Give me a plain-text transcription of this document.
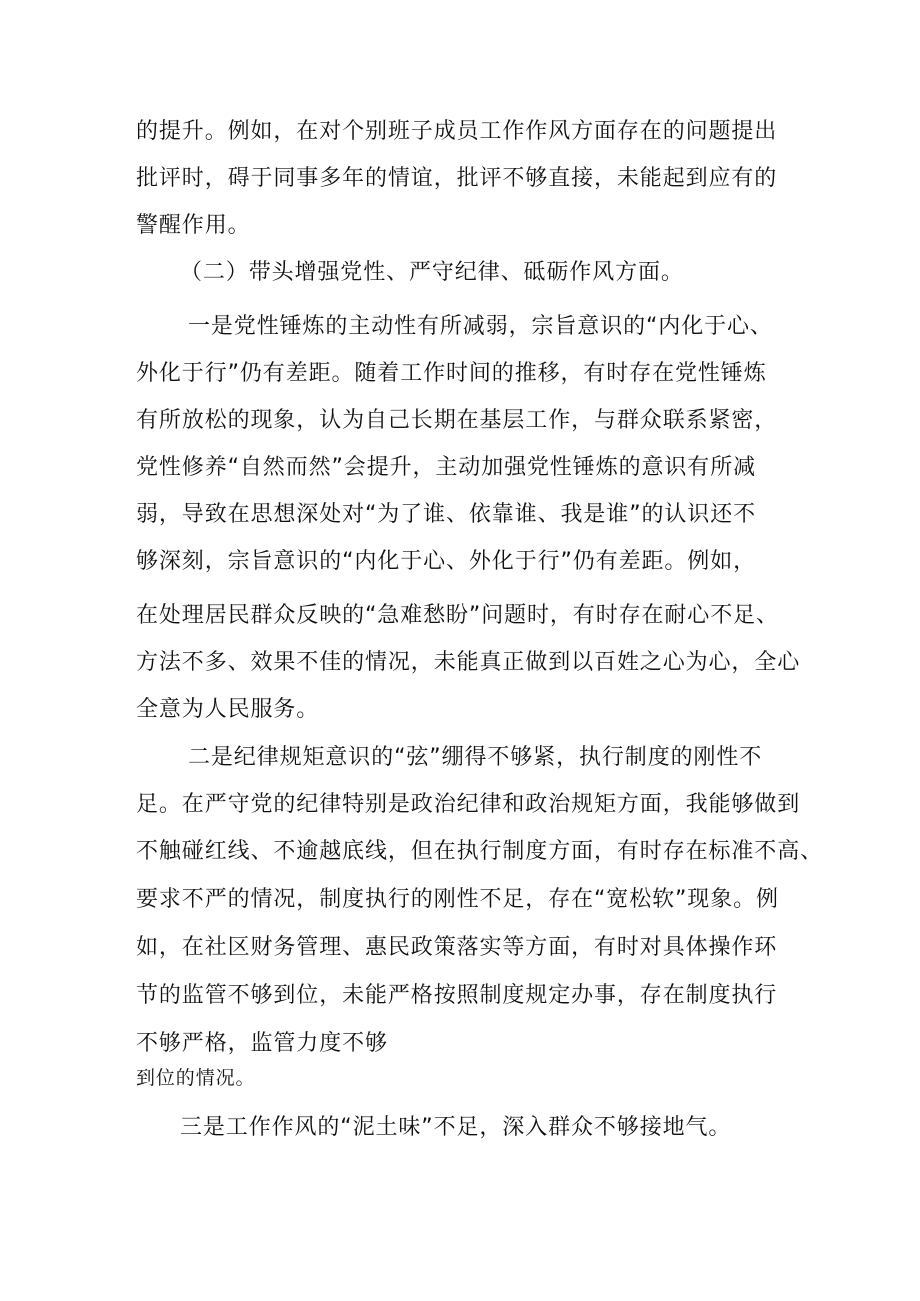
的提升。例如，在对个别班子成员工作作风方面存在的问题提出
批评时，碍于同事多年的情谊，批评不够直接，未能起到应有的
警醒作用。
（二）带头增强党性、严守纪律、砥砺作风方面。
一是党性锤炼的主动性有所减弱，宗旨意识的“内化于心、
外化于行”仍有差距。随着工作时间的推移，有时存在党性锤炼
有所放松的现象，认为自己长期在基层工作，与群众联系紧密，
党性修养“自然而然”会提升，主动加强党性锤炼的意识有所减
弱，导致在思想深处对“为了谁、依靠谁、我是谁”的认识还不
够深刻，宗旨意识的“内化于心、外化于行”仍有差距。例如，
在处理居民群众反映的“急难愁盼”问题时，有时存在耐心不足、
方法不多、效果不佳的情况，未能真正做到以百姓之心为心，全心
全意为人民服务。
二是纪律规矩意识的“弦”绷得不够紧，执行制度的刚性不
足。在严守党的纪律特别是政治纪律和政治规矩方面，我能够做到
不触碰红线、不逾越底线，但在执行制度方面，有时存在标准不高、
要求不严的情况，制度执行的刚性不足，存在“宽松软”现象。例
如，在社区财务管理、惠民政策落实等方面，有时对具体操作环
节的监管不够到位，未能严格按照制度规定办事，存在制度执行
不够严格，监管力度不够
到位的情况。
三是工作作风的“泥土味”不足，深入群众不够接地气。
